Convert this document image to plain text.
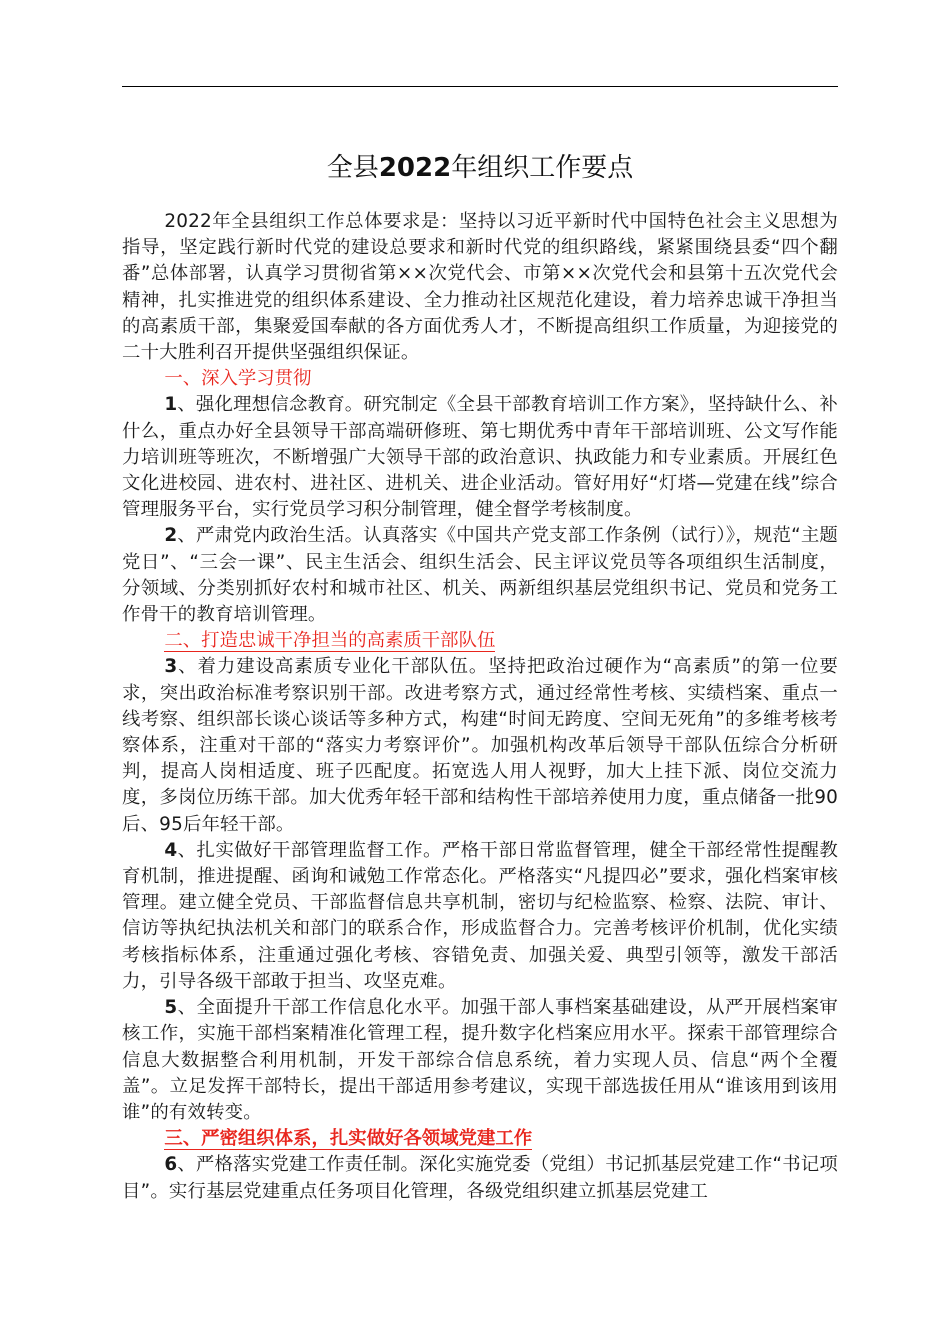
全县2022年组织工作要点

2022年全县组织工作总体要求是：坚持以习近平新时代中国特色社会主义思想为指导，坚定践行新时代党的建设总要求和新时代党的组织路线，紧紧围绕县委“四个翻番”总体部署，认真学习贯彻省第××次党代会、市第××次党代会和县第十五次党代会精神，扎实推进党的组织体系建设、全力推动社区规范化建设，着力培养忠诚干净担当的高素质干部，集聚爱国奉献的各方面优秀人才，不断提高组织工作质量，为迎接党的二十大胜利召开提供坚强组织保证。

一、深入学习贯彻

1、强化理想信念教育。研究制定《全县干部教育培训工作方案》，坚持缺什么、补什么，重点办好全县领导干部高端研修班、第七期优秀中青年干部培训班、公文写作能力培训班等班次，不断增强广大领导干部的政治意识、执政能力和专业素质。开展红色文化进校园、进农村、进社区、进机关、进企业活动。管好用好“灯塔—党建在线”综合管理服务平台，实行党员学习积分制管理，健全督学考核制度。

2、严肃党内政治生活。认真落实《中国共产党支部工作条例（试行）》，规范“主题党日”、“三会一课”、民主生活会、组织生活会、民主评议党员等各项组织生活制度，分领域、分类别抓好农村和城市社区、机关、两新组织基层党组织书记、党员和党务工作骨干的教育培训管理。

二、打造忠诚干净担当的高素质干部队伍

3、着力建设高素质专业化干部队伍。坚持把政治过硬作为“高素质”的第一位要求，突出政治标准考察识别干部。改进考察方式，通过经常性考核、实绩档案、重点一线考察、组织部长谈心谈话等多种方式，构建“时间无跨度、空间无死角”的多维考核考察体系，注重对干部的“落实力考察评价”。加强机构改革后领导干部队伍综合分析研判，提高人岗相适度、班子匹配度。拓宽选人用人视野，加大上挂下派、岗位交流力度，多岗位历练干部。加大优秀年轻干部和结构性干部培养使用力度，重点储备一批90后、95后年轻干部。

4、扎实做好干部管理监督工作。严格干部日常监督管理，健全干部经常性提醒教育机制，推进提醒、函询和诫勉工作常态化。严格落实“凡提四必”要求，强化档案审核管理。建立健全党员、干部监督信息共享机制，密切与纪检监察、检察、法院、审计、信访等执纪执法机关和部门的联系合作，形成监督合力。完善考核评价机制，优化实绩考核指标体系，注重通过强化考核、容错免责、加强关爱、典型引领等，激发干部活力，引导各级干部敢于担当、攻坚克难。

5、全面提升干部工作信息化水平。加强干部人事档案基础建设，从严开展档案审核工作，实施干部档案精准化管理工程，提升数字化档案应用水平。探索干部管理综合信息大数据整合利用机制，开发干部综合信息系统，着力实现人员、信息“两个全覆盖”。立足发挥干部特长，提出干部适用参考建议，实现干部选拔任用从“谁该用到该用谁”的有效转变。

三、严密组织体系，扎实做好各领域党建工作

6、严格落实党建工作责任制。深化实施党委（党组）书记抓基层党建工作“书记项目”。实行基层党建重点任务项目化管理，各级党组织建立抓基层党建工
